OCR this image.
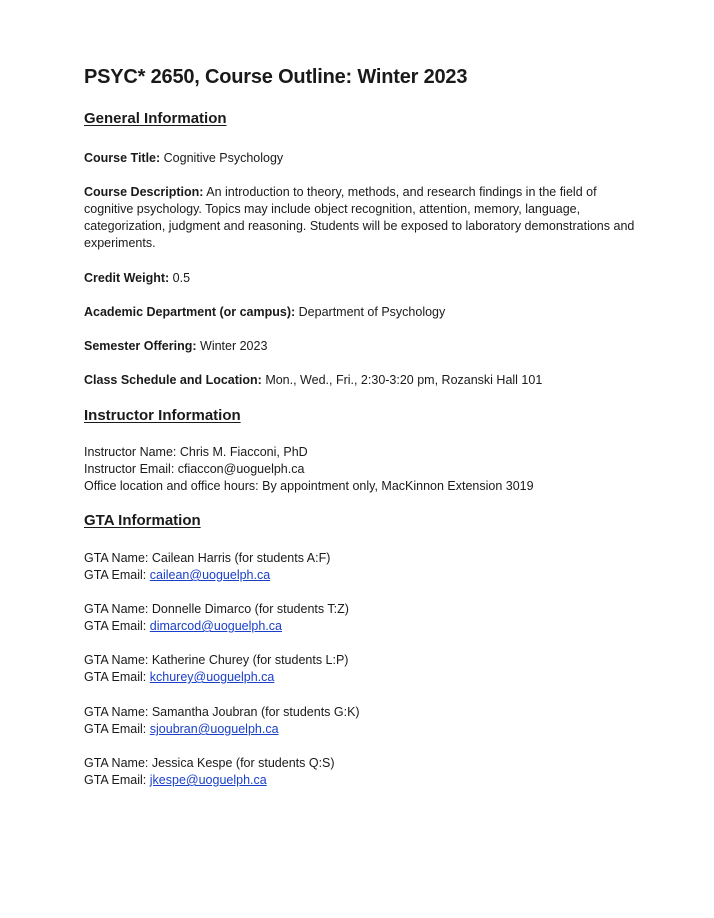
PSYC* 2650, Course Outline: Winter 2023
General Information
Course Title: Cognitive Psychology
Course Description: An introduction to theory, methods, and research findings in the field of cognitive psychology. Topics may include object recognition, attention, memory, language, categorization, judgment and reasoning. Students will be exposed to laboratory demonstrations and experiments.
Credit Weight: 0.5
Academic Department (or campus): Department of Psychology
Semester Offering: Winter 2023
Class Schedule and Location: Mon., Wed., Fri., 2:30-3:20 pm, Rozanski Hall 101
Instructor Information
Instructor Name: Chris M. Fiacconi, PhD
Instructor Email: cfiaccon@uoguelph.ca
Office location and office hours: By appointment only, MacKinnon Extension 3019
GTA Information
GTA Name: Cailean Harris (for students A:F)
GTA Email: cailean@uoguelph.ca
GTA Name: Donnelle Dimarco (for students T:Z)
GTA Email: dimarcod@uoguelph.ca
GTA Name: Katherine Churey (for students L:P)
GTA Email: kchurey@uoguelph.ca
GTA Name: Samantha Joubran (for students G:K)
GTA Email: sjoubran@uoguelph.ca
GTA Name: Jessica Kespe (for students Q:S)
GTA Email: jkespe@uoguelph.ca
